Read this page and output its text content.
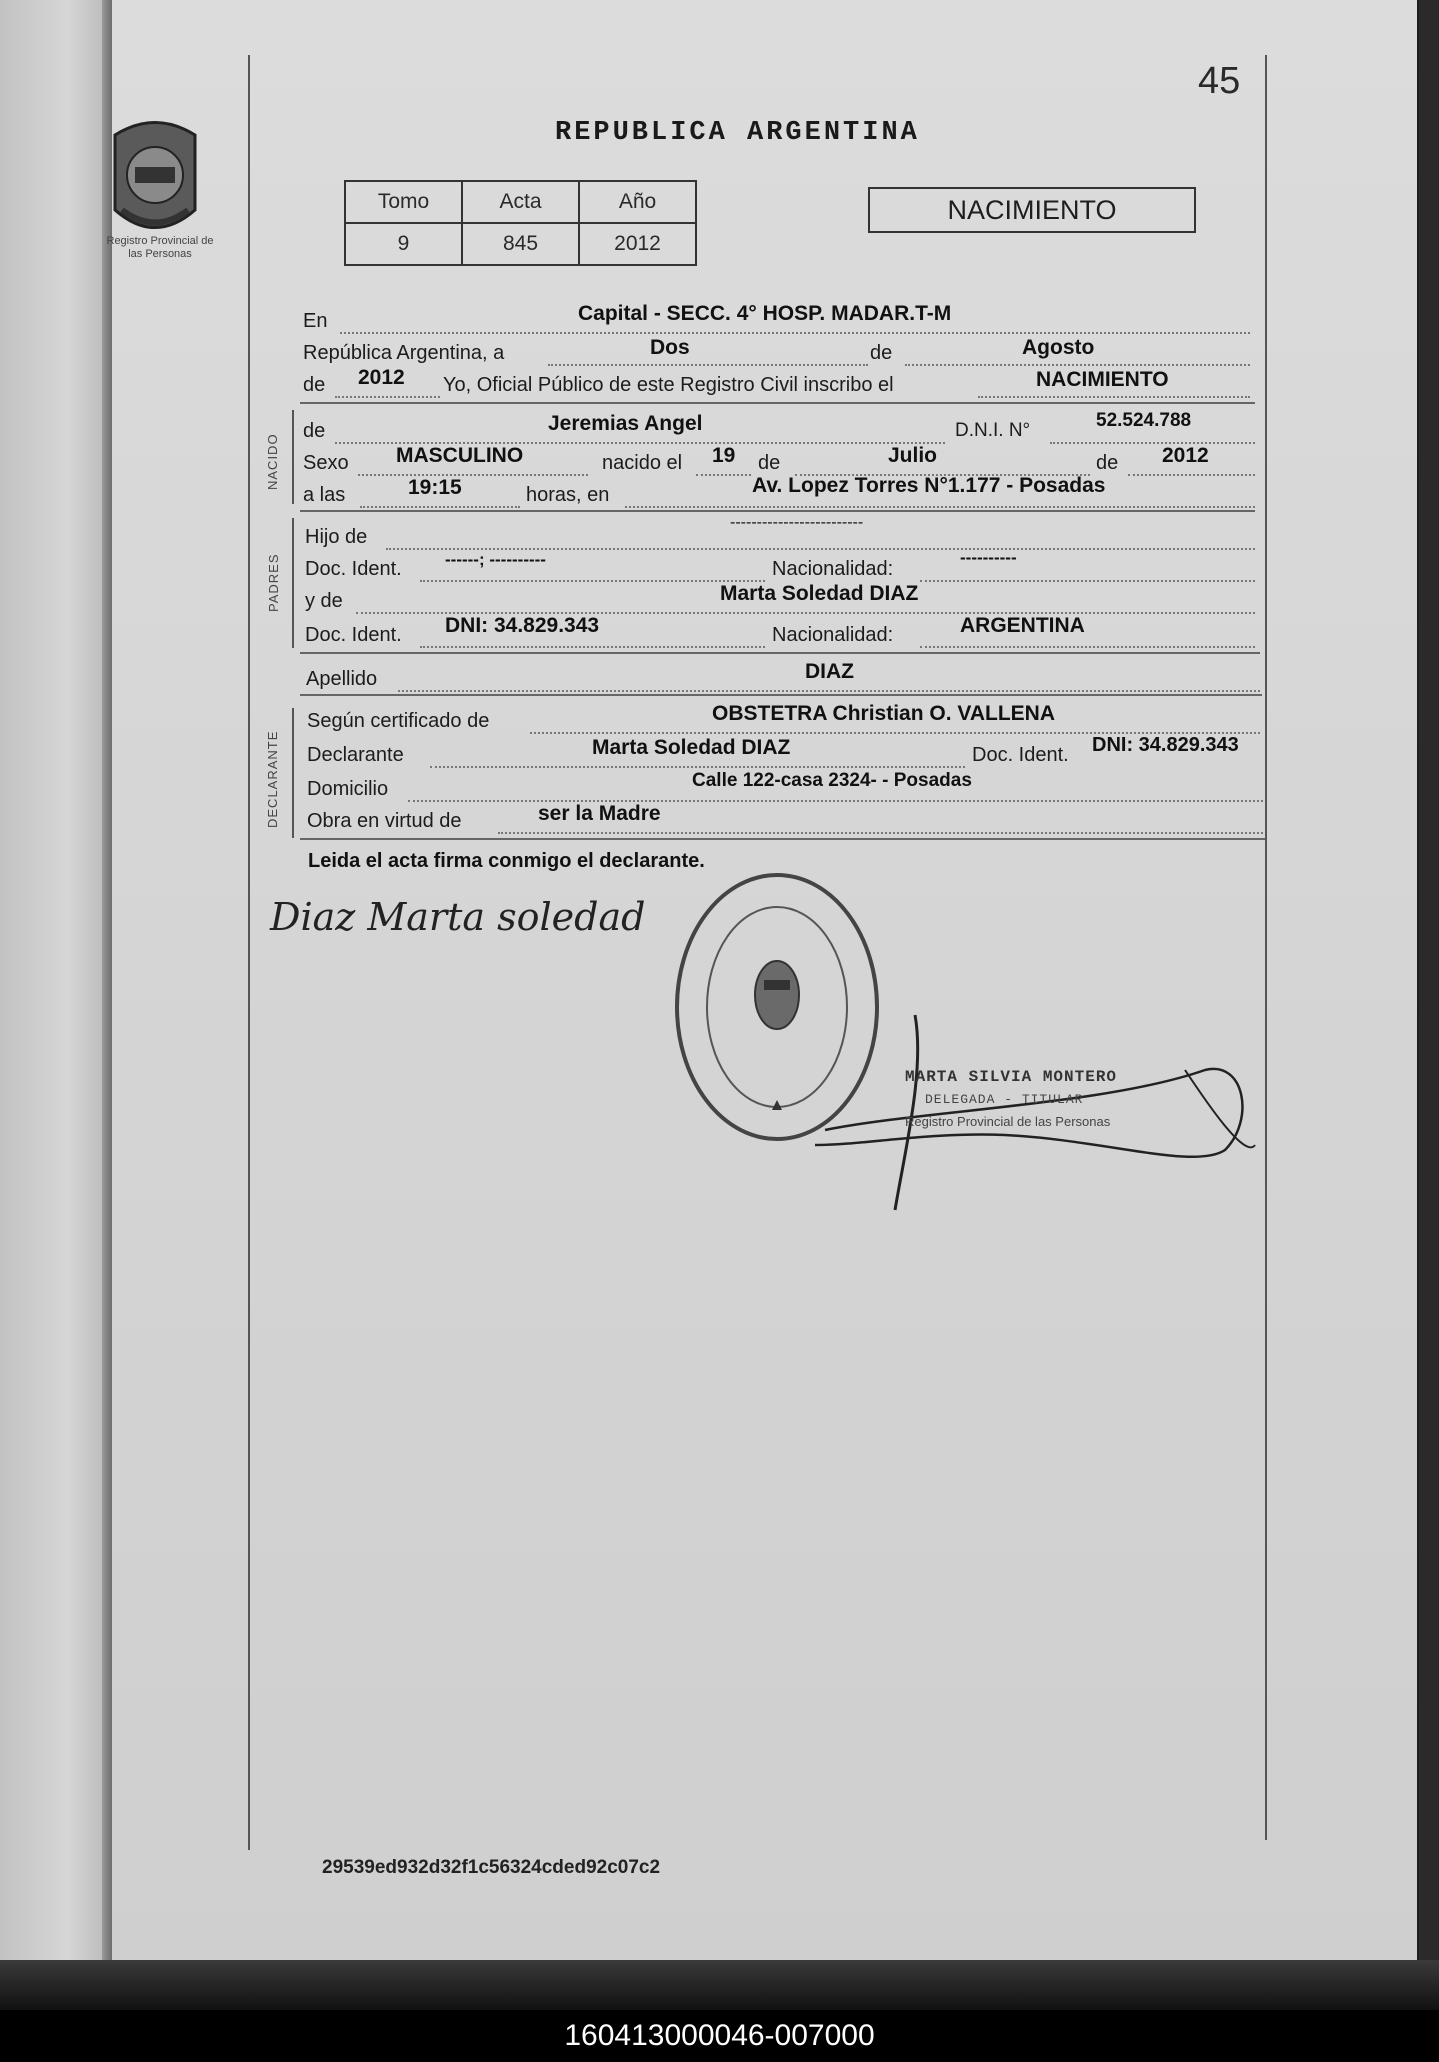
45
Registro Provincial de las Personas
REPUBLICA ARGENTINA
Tomo	Acta	Año
9	845	2012
NACIMIENTO
En	Capital - SECC. 4° HOSP. MADAR.T-M
República Argentina, a	Dos	de	Agosto
de 2012 Yo, Oficial Público de este Registro Civil inscribo el	NACIMIENTO
NACIDO
de	Jeremias Angel	D.N.I. N°	52.524.788
Sexo MASCULINO	nacido el 19 de	Julio	de 2012
a las	19:15	horas, en	Av. Lopez Torres N°1.177 - Posadas
PADRES
Hijo de
-------------------------
Doc. Ident.	------; ----------	Nacionalidad:
----------
y de	Marta Soledad DIAZ
Doc. Ident. DNI: 34.829.343	Nacionalidad:	ARGENTINA
Apellido	DIAZ
DECLARANTE
Según certificado de	OBSTETRA Christian O. VALLENA
Declarante	Marta Soledad DIAZ	Doc. Ident. DNI: 34.829.343
Domicilio	Calle 122-casa 2324- - Posadas
Obra en virtud de	ser la Madre
Leida el acta firma conmigo el declarante.
Diaz Marta soledad
MARTA SILVIA MONTERO
DELEGADA - TITULAR
Registro Provincial de las Personas
29539ed932d32f1c56324cded92c07c2
160413000046-007000
